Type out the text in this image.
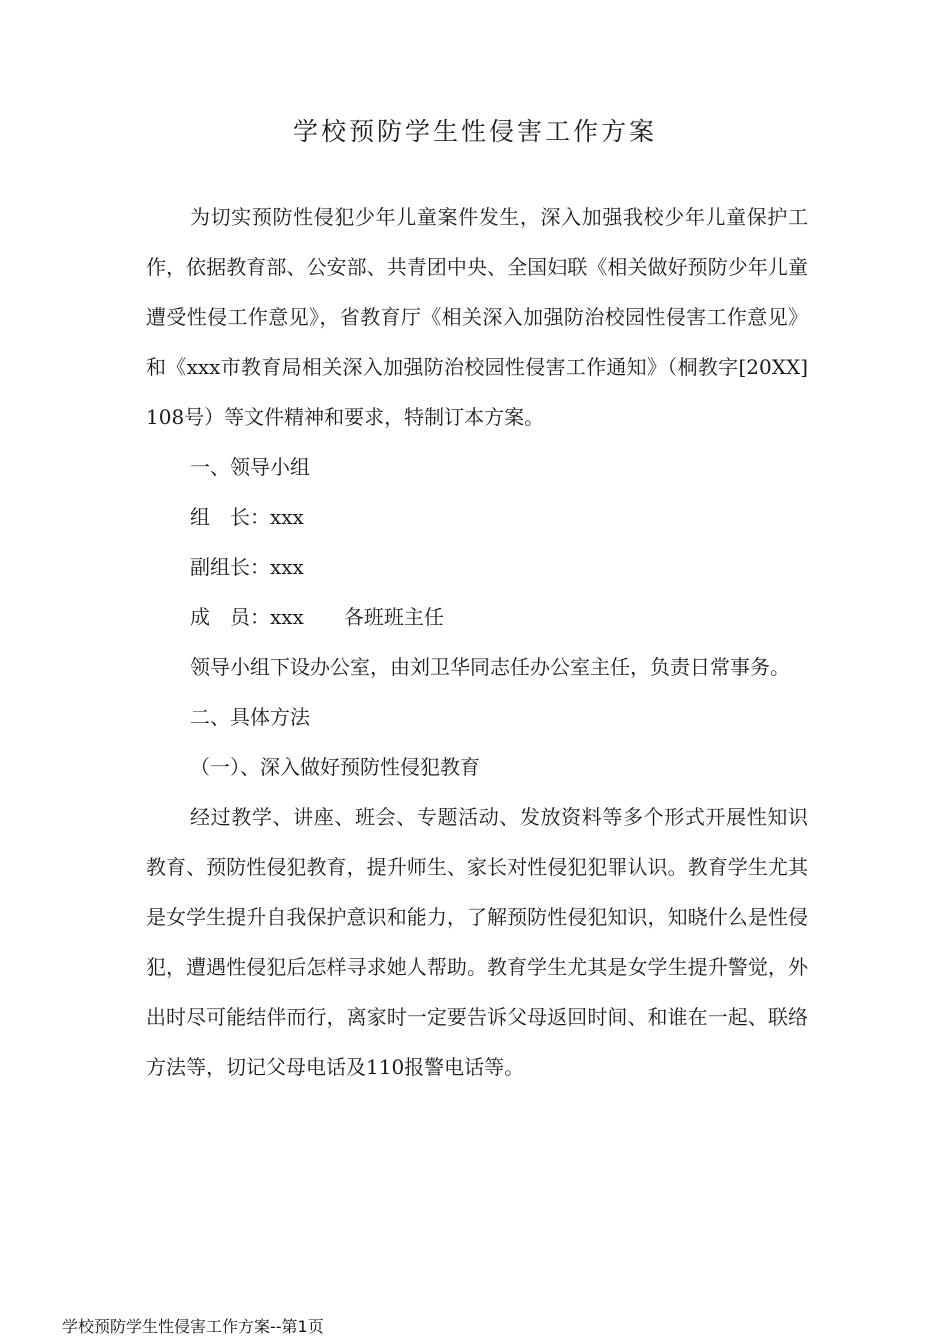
学校预防学生性侵害工作方案

为切实预防性侵犯少年儿童案件发生，深入加强我校少年儿童保护工作，依据教育部、公安部、共青团中央、全国妇联《相关做好预防少年儿童遭受性侵工作意见》，省教育厅《相关深入加强防治校园性侵害工作意见》和《xxx市教育局相关深入加强防治校园性侵害工作通知》（桐教字[20XX] 108号）等文件精神和要求，特制订本方案。

一、领导小组

组　长：xxx

副组长：xxx

成　员：xxx 各班班主任

领导小组下设办公室，由刘卫华同志任办公室主任，负责日常事务。

二、具体方法

（一）、深入做好预防性侵犯教育

经过教学、讲座、班会、专题活动、发放资料等多个形式开展性知识教育、预防性侵犯教育，提升师生、家长对性侵犯犯罪认识。教育学生尤其是女学生提升自我保护意识和能力，了解预防性侵犯知识，知晓什么是性侵犯，遭遇性侵犯后怎样寻求她人帮助。教育学生尤其是女学生提升警觉，外出时尽可能结伴而行，离家时一定要告诉父母返回时间、和谁在一起、联络方法等，切记父母电话及110报警电话等。

学校预防学生性侵害工作方案--第1页
